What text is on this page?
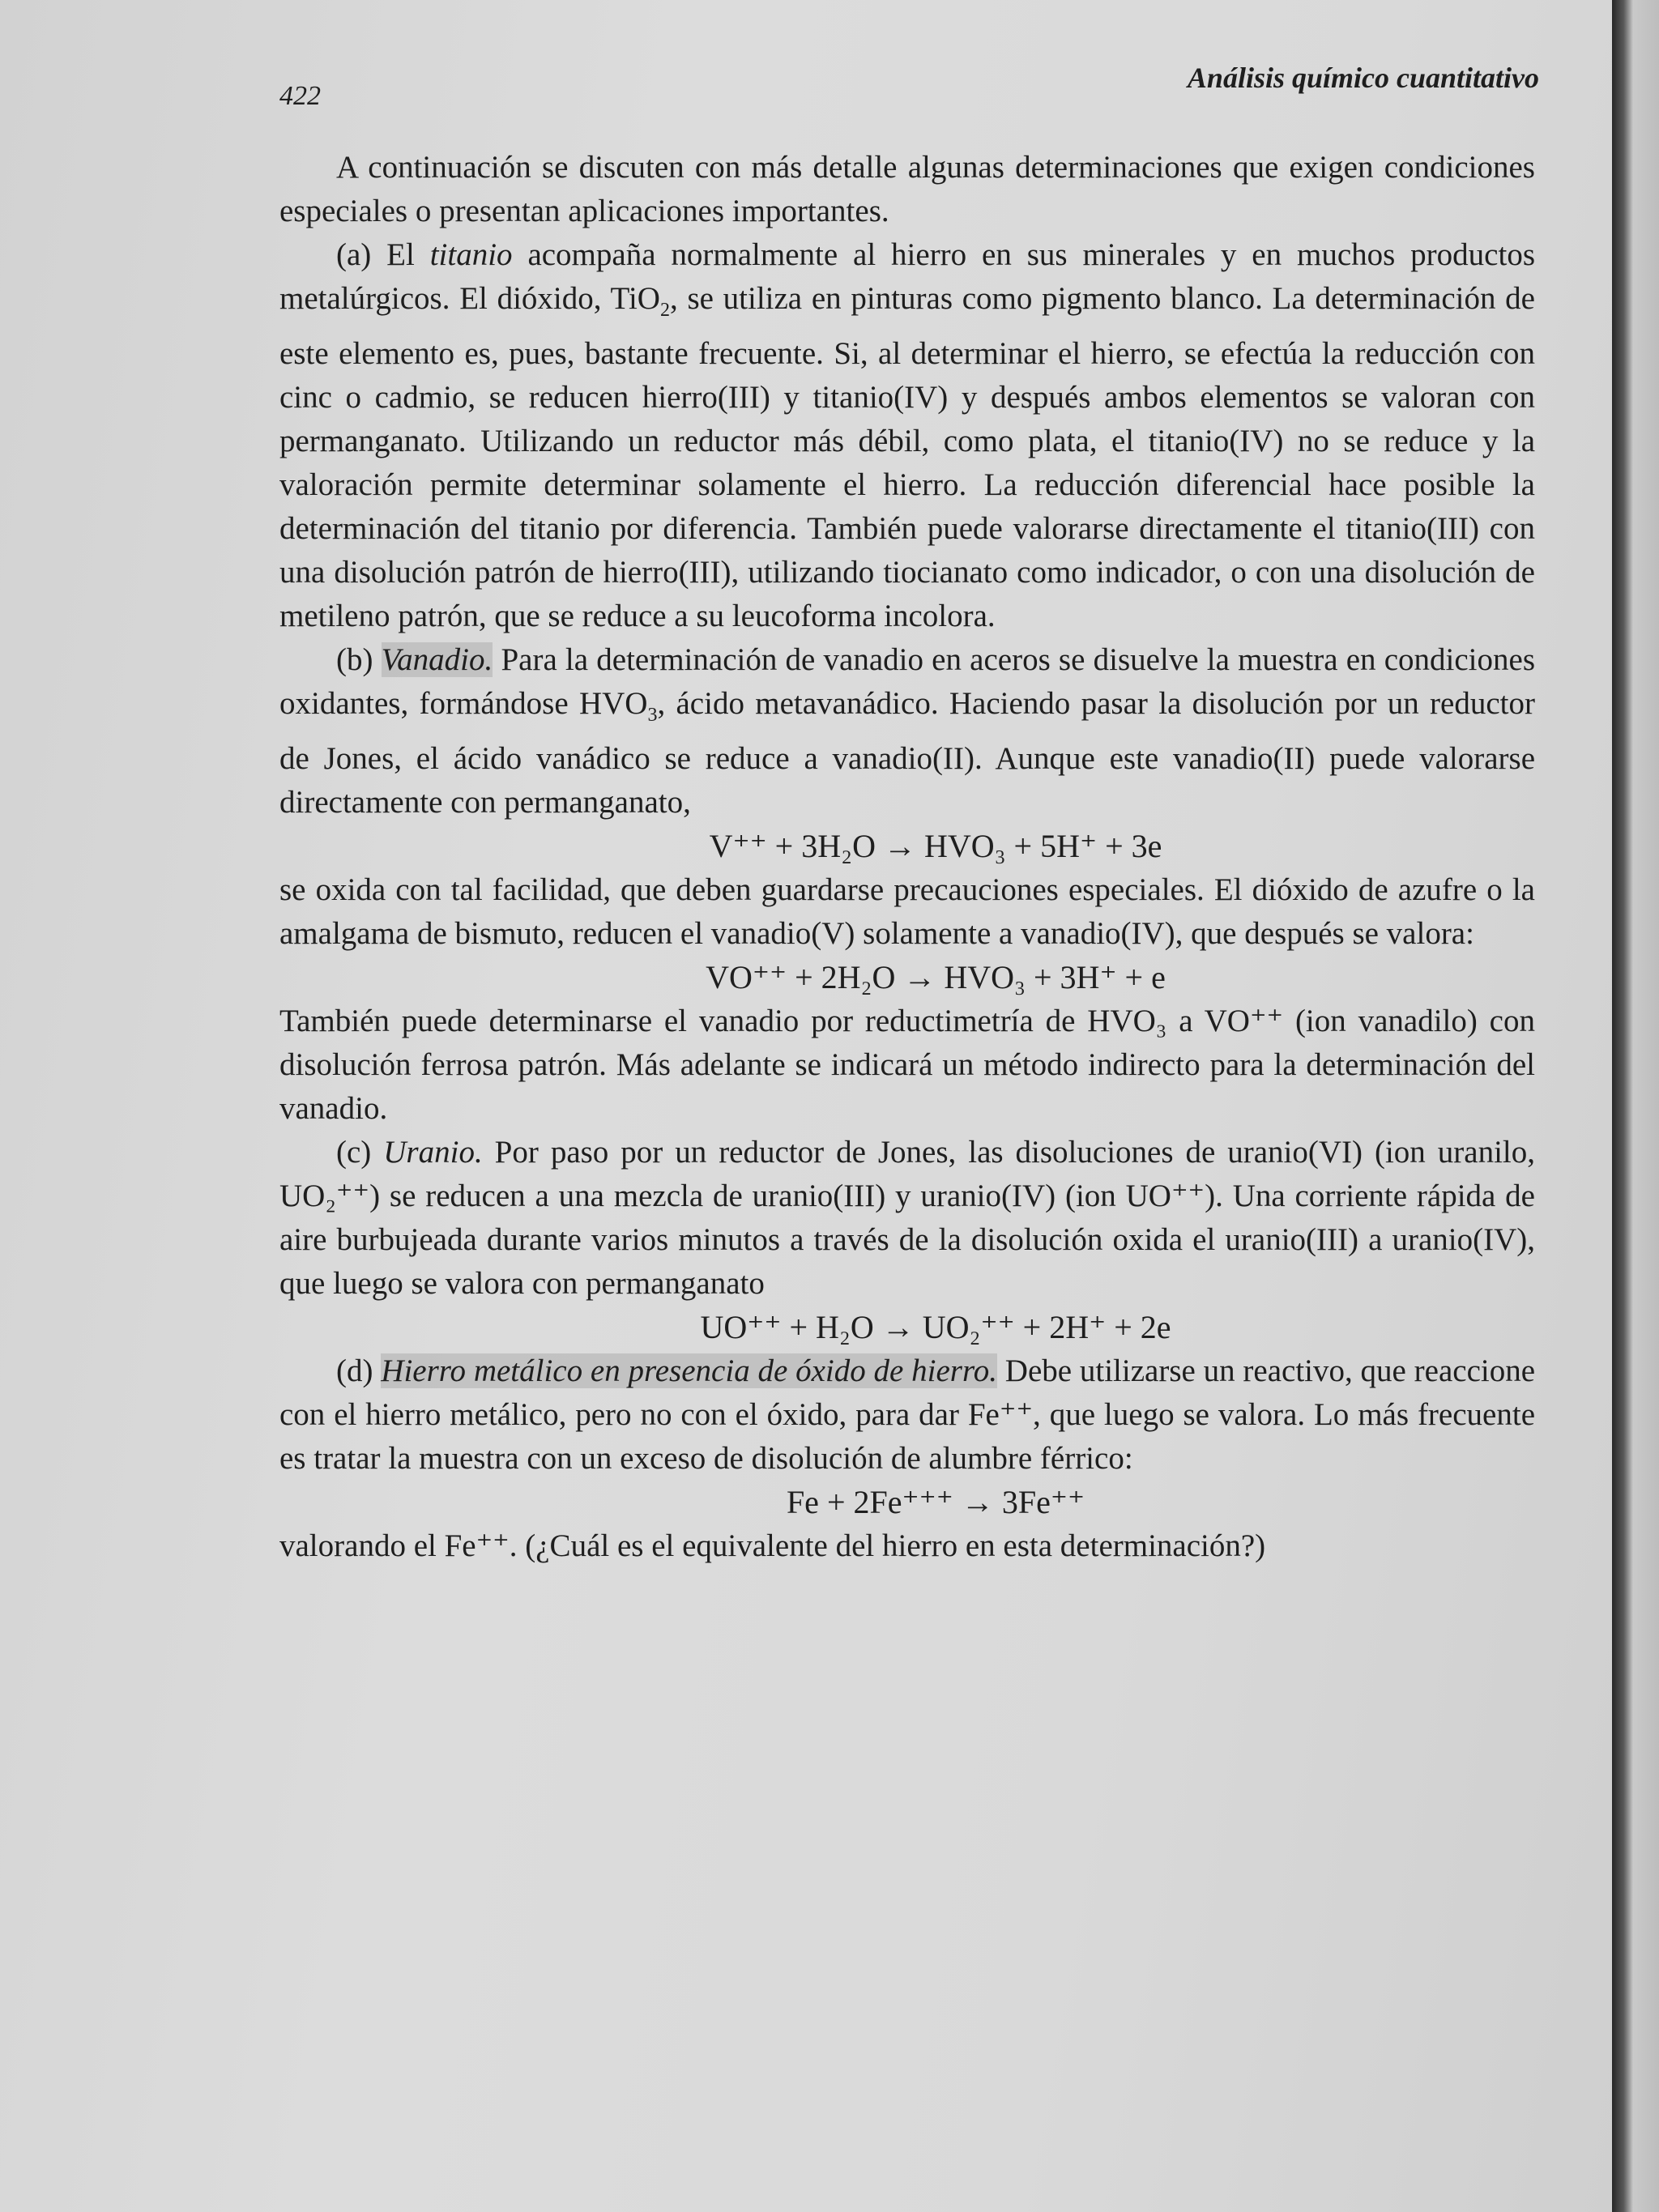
422
Análisis químico cuantitativo

A continuación se discuten con más detalle algunas determinaciones que exigen condiciones especiales o presentan aplicaciones importantes.

(a) El titanio acompaña normalmente al hierro en sus minerales y en muchos productos metalúrgicos. El dióxido, TiO$_2$, se utiliza en pinturas como pigmento blanco. La determinación de este elemento es, pues, bastante frecuente. Si, al determinar el hierro, se efectúa la reducción con cinc o cadmio, se reducen hierro(III) y titanio(IV) y después ambos elementos se valoran con permanganato. Utilizando un reductor más débil, como plata, el titanio(IV) no se reduce y la valoración permite determinar solamente el hierro. La reducción diferencial hace posible la determinación del titanio por diferencia. También puede valorarse directamente el titanio(III) con una disolución patrón de hierro(III), utilizando tiocianato como indicador, o con una disolución de metileno patrón, que se reduce a su leucoforma incolora.

(b) Vanadio. Para la determinación de vanadio en aceros se disuelve la muestra en condiciones oxidantes, formándose $HVO_3$, ácido metavanádico. Haciendo pasar la disolución por un reductor de Jones, el ácido vanádico se reduce a vanadio(II). Aunque este vanadio(II) puede valorarse directamente con permanganato,

V⁺⁺ + 3H₂O → HVO₃ + 5H⁺ + 3e

se oxida con tal facilidad, que deben guardarse precauciones especiales. El dióxido de azufre o la amalgama de bismuto, reducen el vanadio(V) solamente a vanadio(IV), que después se valora:

VO⁺⁺ + 2H₂O → HVO₃ + 3H⁺ + e

También puede determinarse el vanadio por reductimetría de HVO₃ a VO⁺⁺ (ion vanadilo) con disolución ferrosa patrón. Más adelante se indicará un método indirecto para la determinación del vanadio.

(c) Uranio. Por paso por un reductor de Jones, las disoluciones de uranio(VI) (ion uranilo, UO₂⁺⁺) se reducen a una mezcla de uranio(III) y uranio(IV) (ion UO⁺⁺). Una corriente rápida de aire burbujeada durante varios minutos a través de la disolución oxida el uranio(III) a uranio(IV), que luego se valora con permanganato

UO⁺⁺ + H₂O → UO₂⁺⁺ + 2H⁺ + 2e

(d) Hierro metálico en presencia de óxido de hierro. Debe utilizarse un reactivo, que reaccione con el hierro metálico, pero no con el óxido, para dar Fe⁺⁺, que luego se valora. Lo más frecuente es tratar la muestra con un exceso de disolución de alumbre férrico:

Fe + 2Fe⁺⁺⁺ → 3Fe⁺⁺

valorando el Fe⁺⁺. (¿Cuál es el equivalente del hierro en esta determinación?)
